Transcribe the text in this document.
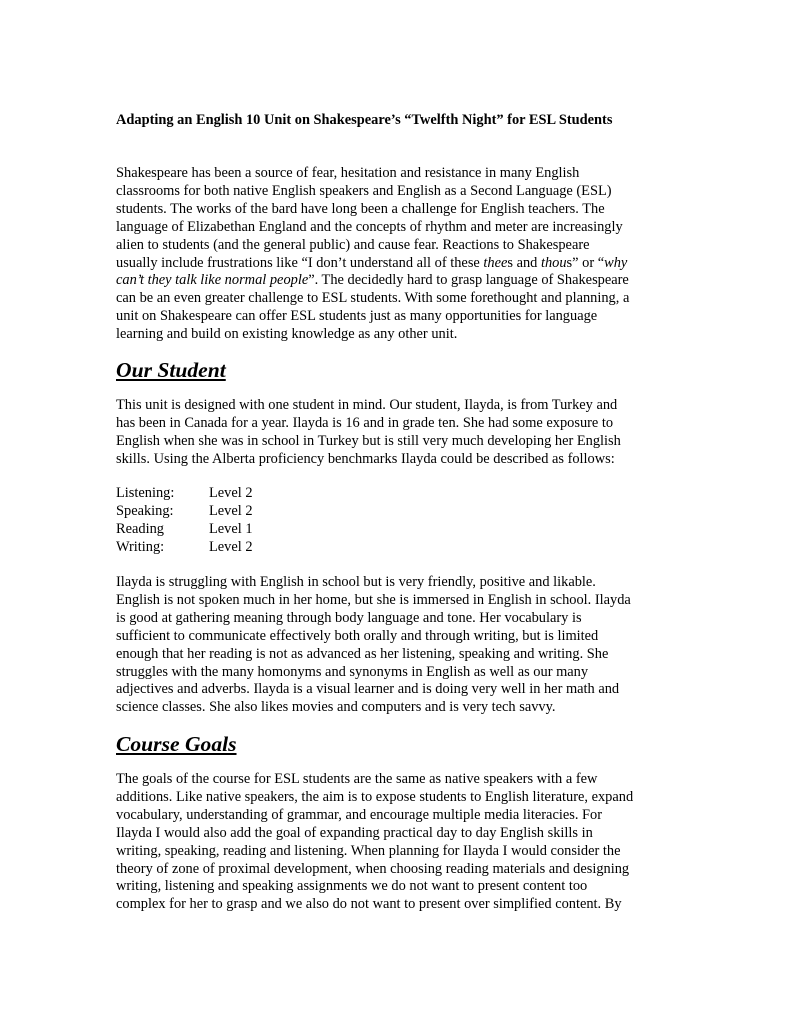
Adapting an English 10 Unit on Shakespeare’s “Twelfth Night” for ESL Students
Shakespeare has been a source of fear, hesitation and resistance in many English
classrooms for both native English speakers and English as a Second Language (ESL)
students. The works of the bard have long been a challenge for English teachers. The
language of Elizabethan England and the concepts of rhythm and meter are increasingly
alien to students (and the general public) and cause fear. Reactions to Shakespeare
usually include frustrations like “I don’t understand all of these thees and thous” or “why
can’t they talk like normal people”. The decidedly hard to grasp language of Shakespeare
can be an even greater challenge to ESL students. With some forethought and planning, a
unit on Shakespeare can offer ESL students just as many opportunities for language
learning and build on existing knowledge as any other unit.
Our Student
This unit is designed with one student in mind. Our student, Ilayda, is from Turkey and
has been in Canada for a year. Ilayda is 16 and in grade ten. She had some exposure to
English when she was in school in Turkey but is still very much developing her English
skills. Using the Alberta proficiency benchmarks Ilayda could be described as follows:
Listening: Level 2
Speaking: Level 2
Reading	Level 1
Writing:	Level 2
Ilayda is struggling with English in school but is very friendly, positive and likable.
English is not spoken much in her home, but she is immersed in English in school. Ilayda
is good at gathering meaning through body language and tone. Her vocabulary is
sufficient to communicate effectively both orally and through writing, but is limited
enough that her reading is not as advanced as her listening, speaking and writing. She
struggles with the many homonyms and synonyms in English as well as our many
adjectives and adverbs. Ilayda is a visual learner and is doing very well in her math and
science classes. She also likes movies and computers and is very tech savvy.
Course Goals
The goals of the course for ESL students are the same as native speakers with a few
additions. Like native speakers, the aim is to expose students to English literature, expand
vocabulary, understanding of grammar, and encourage multiple media literacies. For
Ilayda I would also add the goal of expanding practical day to day English skills in
writing, speaking, reading and listening. When planning for Ilayda I would consider the
theory of zone of proximal development, when choosing reading materials and designing
writing, listening and speaking assignments we do not want to present content too
complex for her to grasp and we also do not want to present over simplified content. By
